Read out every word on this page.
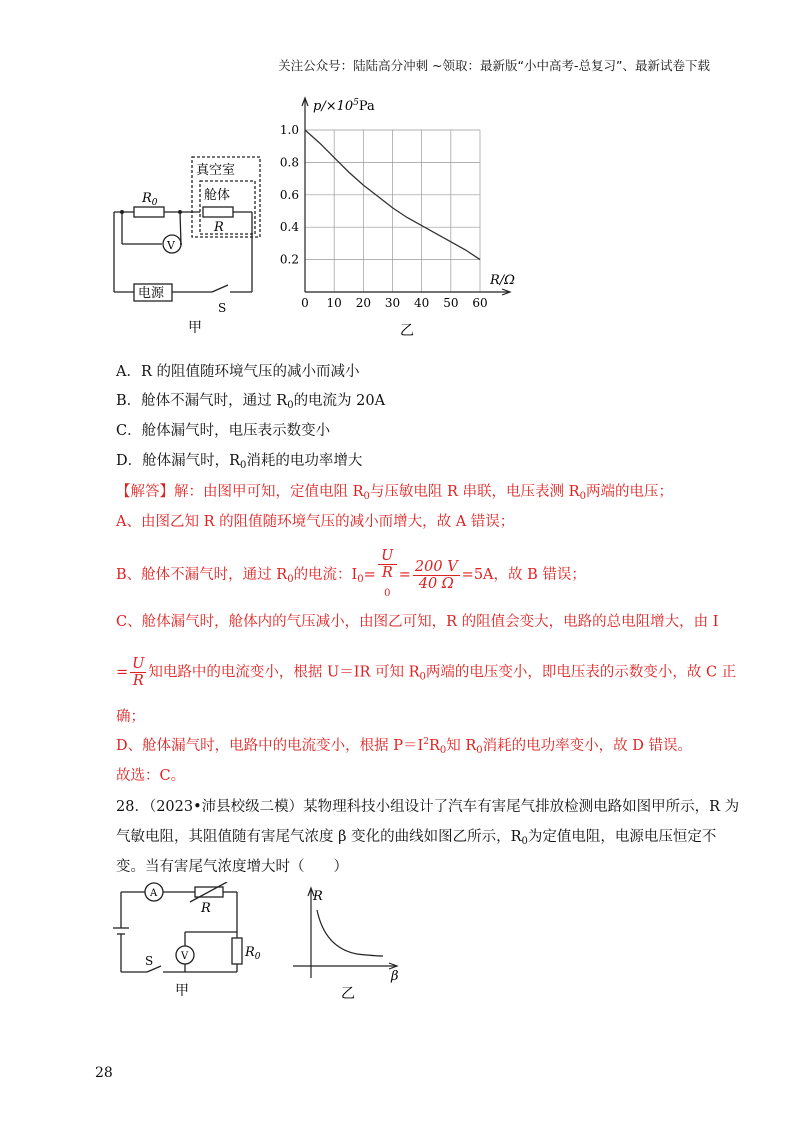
关注公众号：陆陆高分冲刺 ~领取：最新版“小中高考-总复习”、最新试卷下载
$R_0$
真空室
舱体
R
V
电源
S
甲
0 10 20 30 40 50 60
1.0
0.8
0.6
0.4
0.2
$p/\times 10^5Pa$
R/Ω
乙
A．R 的阻值随环境气压的减小而减小
B．舱体不漏气时，通过 $R_0$的电流为 20A
C．舱体漏气时，电压表示数变小
D．舱体漏气时，$R_0$消耗的电功率增大
【解答】解：由图甲可知，定值电阻 $R_0$与压敏电阻 R 串联，电压表测 $R_0$两端的电压；
A、由图乙知 R 的阻值随环境气压的减小而增大，故 A 错误；
B、舱体不漏气时，通过 $R_0$的电流：$I_0= U$
R
$_0 = \frac{200 V}{40 \Omega} =5A$，故 B 错误；
C、舱体漏气时，舱体内的气压减小，由图乙可知，R 的阻值会变大，电路的总电阻增大，由 I
= $\frac{U}{R}$ 知电路中的电流变小，根据 U＝IR 可知 $R_0$两端的电压变小，即电压表的示数变小，故 C 正
确；
D、舱体漏气时，电路中的电流变小，根据 $P=I^2R_0$知 $R_0$消耗的电功率变小，故 D 错误。
故选：C。
28．（2023•沛县校级二模）某物理科技小组设计了汽车有害尾气排放检测电路如图甲所示，R 为
气敏电阻，其阻值随有害尾气浓度 β 变化的曲线如图乙所示，$R_0$为定值电阻，电源电压恒定不
变。当有害尾气浓度增大时（　　）
A
R
V	$R_0$
S
甲
R
β
乙
28
